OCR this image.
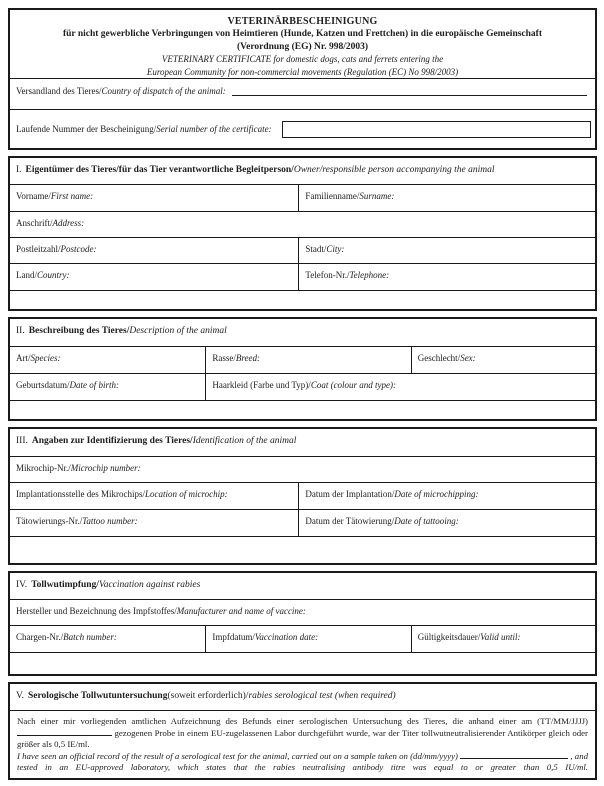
VETERINÄRBESCHEINIGUNG
für nicht gewerbliche Verbringungen von Heimtieren (Hunde, Katzen und Frettchen) in die europäische Gemeinschaft
(Verordnung (EG) Nr. 998/2003)
VETERINARY CERTIFICATE for domestic dogs, cats and ferrets entering the
European Community for non-commercial movements (Regulation (EC) No 998/2003)
Versandland des Tieres/ Country of dispatch of the animal:
Laufende Nummer der Bescheinigung/ Serial number of the certificate:
I. Eigentümer des Tieres/für das Tier verantwortliche Begleitperson/ Owner/responsible person accompanying the animal
Vorname/First name:	Familienname/Surname:
Anschrift/Address:
Postleitzahl/Postcode:	Stadt/City:
Land/Country:	Telefon-Nr./Telephone:
II. Beschreibung des Tieres/ Description of the animal
Art/Species:	Rasse/Breed:	Geschlecht/Sex:
Geburtsdatum/Date of birth:	Haarkleid (Farbe und Typ)/Coat (colour and type):
III. Angaben zur Identifizierung des Tieres/ Identification of the animal
Mikrochip-Nr./Microchip number:
Implantationsstelle des Mikrochips/Location of microchip:	Datum der Implantation/Date of microchipping:
Tätowierungs-Nr./Tattoo number:	Datum der Tätowierung/Date of tattooing:
IV. Tollwutimpfung/ Vaccination against rabies
Hersteller und Bezeichnung des Impfstoffes/Manufacturer and name of vaccine:
Chargen-Nr./Batch number:	Impfdatum/Vaccination date:	Gültigkeitsdauer/Valid until:
V. Serologische Tollwutuntersuchung (soweit erforderlich)/ rabies serological test (when required)
Nach einer mir vorliegenden amtlichen Aufzeichnung des Befunds einer serologischen Untersuchung des Tieres, die anhand einer am (TT/MM/JJJJ)  gezogenen Probe in einem EU-zugelassenen Labor durchgeführt wurde, war der Titer tollwutneutralisierender Antikörper gleich oder größer als 0,5 IE/ml.
I have seen an official record of the result of a serological test for the animal, carried out on a sample taken on (dd/mm/yyyy)	, and tested in an EU-approved laboratory, which states that the rabies neutralising antibody titre was equal to or greater than 0,5 IU/ml.
